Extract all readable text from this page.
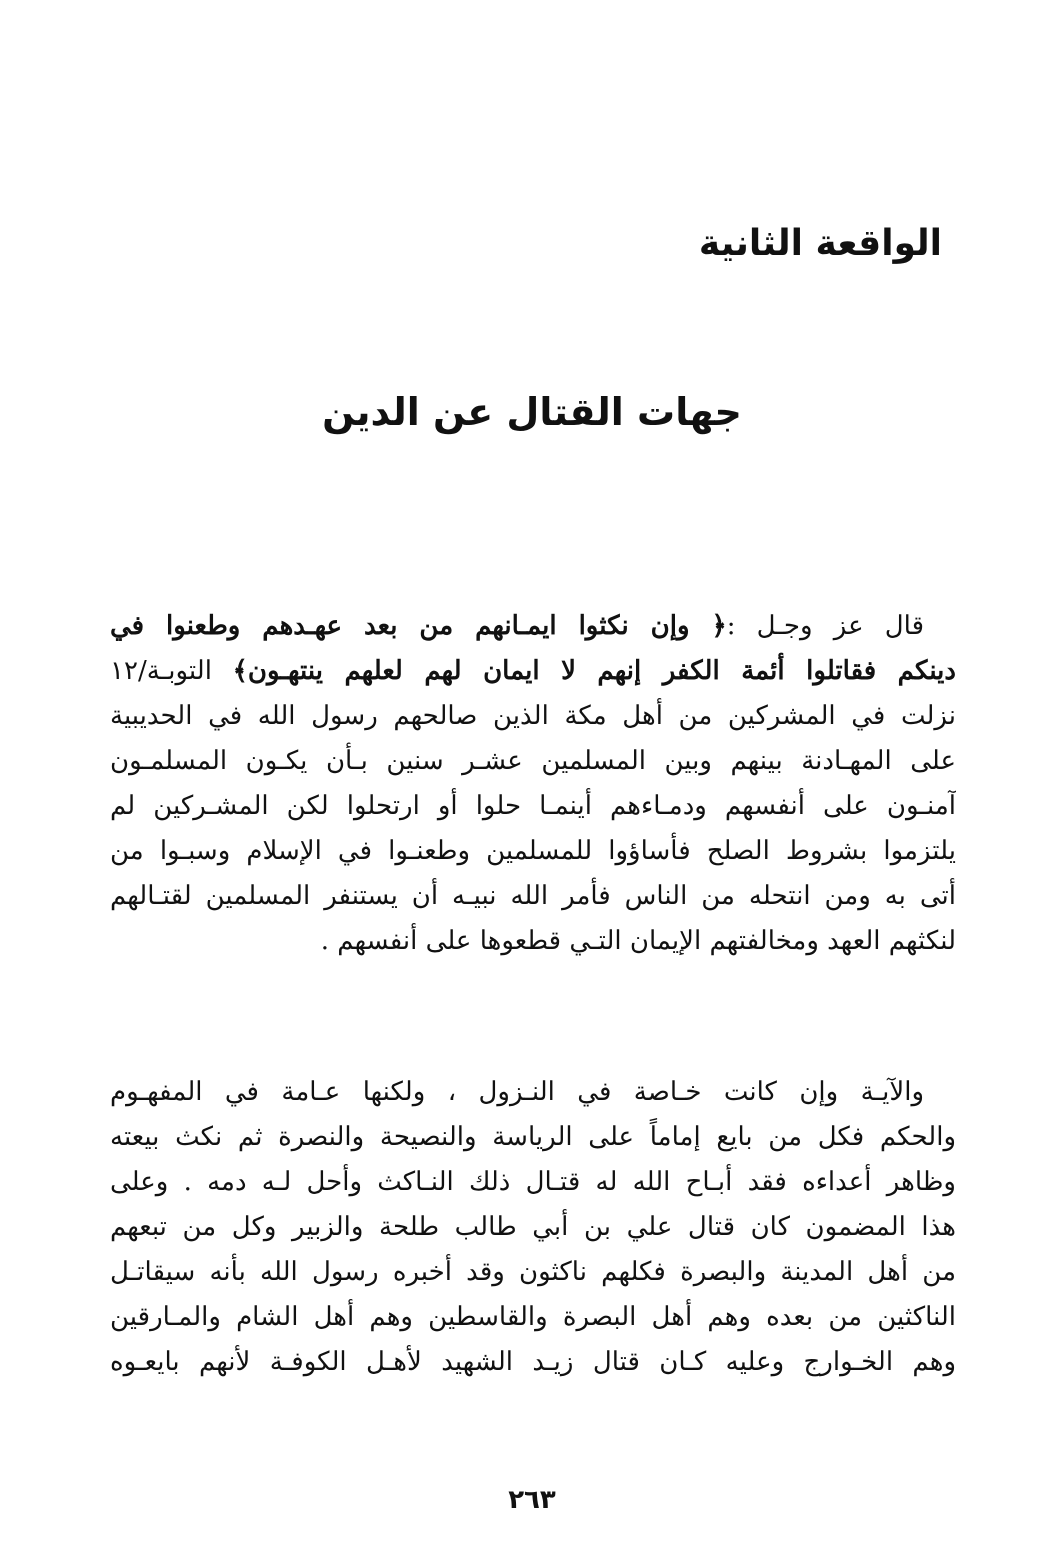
الواقعة الثانية
جهات القتال عن الدين
قال عز وجـل :﴿ وإن نكثوا ايمـانهم من بعد عهـدهم وطعنوا في
دينكم فقاتلوا أئمة الكفر إنهم لا ايمان لهم لعلهم ينتهـون﴾ التوبـة/١٢
نزلت في المشركين من أهل مكة الذين صالحهم رسول الله في الحديبية
على المهـادنة بينهم وبين المسلمين عشـر سنين بـأن يكـون المسلمـون
آمنـون على أنفسهم ودمـاءهم أينمـا حلوا أو ارتحلوا لكن المشـركين لم
يلتزموا بشروط الصلح فأساؤوا للمسلمين وطعنـوا في الإسلام وسبـوا من
أتى به ومن انتحله من الناس فأمر الله نبيـه أن يستنفر المسلمين لقتـالهم
لنكثهم العهد ومخالفتهم الإيمان التـي قطعوها على أنفسهم .
والآيـة وإن كانت خـاصة في النـزول ، ولكنها عـامة في المفهـوم
والحكم فكل من بايع إماماً على الرياسة والنصيحة والنصرة ثم نكث بيعته
وظاهر أعداءه فقد أبـاح الله له قتـال ذلك النـاكث وأحل لـه دمه . وعلى
هذا المضمون كان قتال علي بن أبي طالب طلحة والزبير وكل من تبعهم
من أهل المدينة والبصرة فكلهم ناكثون وقد أخبره رسول الله بأنه سيقاتـل
الناكثين من بعده وهم أهل البصرة والقاسطين وهم أهل الشام والمـارقين
وهم الخـوارج وعليه كـان قتال زيـد الشهيد لأهـل الكوفـة لأنهم بايعـوه
٢٦٣
